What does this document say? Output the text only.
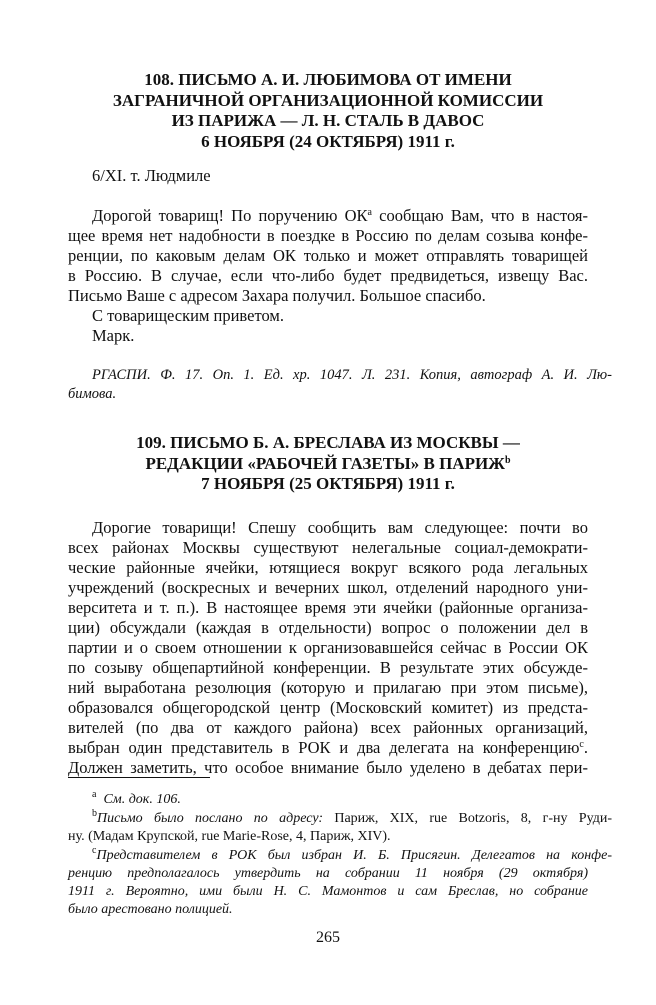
108. ПИСЬМО А. И. ЛЮБИМОВА ОТ ИМЕНИ
ЗАГРАНИЧНОЙ ОРГАНИЗАЦИОННОЙ КОМИССИИ
ИЗ ПАРИЖА — Л. Н. СТАЛЬ В ДАВОС
6 НОЯБРЯ (24 ОКТЯБРЯ) 1911 г.
6/XI. т. Людмиле
Дорогой товарищ! По поручению $ОК^a$ сообщаю Вам, что в настоя-
щее время нет надобности в поездке в Россию по делам созыва конфе-
ренции, по каковым делам ОК только и может отправлять товарищей
в Россию. В случае, если что-либо будет предвидеться, извещу Вас.
Письмо Ваше с адресом Захара получил. Большое спасибо.
С товарищеским приветом.
Марк.
РГАСПИ. Ф. 17. Оп. 1. Ед. хр. 1047. Л. 231. Копия, автограф А. И. Лю-
бимова.
109. ПИСЬМО Б. А. БРЕСЛАВА ИЗ МОСКВЫ —
РЕДАКЦИИ «РАБОЧЕЙ ГАЗЕТЫ» В ПАРИЖ$^b$
7 НОЯБРЯ (25 ОКТЯБРЯ) 1911 г.
Дорогие товарищи! Спешу сообщить вам следующее: почти во
всех районах Москвы существуют нелегальные социал-демократи-
ческие районные ячейки, ютящиеся вокруг всякого рода легальных
учреждений (воскресных и вечерних школ, отделений народного уни-
верситета и т. п.). В настоящее время эти ячейки (районные организа-
ции) обсуждали (каждая в отдельности) вопрос о положении дел в
партии и о своем отношении к организовавшейся сейчас в России ОК
по созыву общепартийной конференции. В результате этих обсужде-
ний выработана резолюция (которую и прилагаю при этом письме),
образовался общегородской центр (Московский комитет) из предста-
вителей (по два от каждого района) всех районных организаций,
выбран один представитель в РОК и два делегата на конференцию$^c$.
Должен заметить, что особое внимание было уделено в дебатах пери-
$^a$ См. док. 106.
$^b$Письмо было послано по адресу: Париж, XIX, rue Botzoris, 8, г-ну Руди-
ну. (Мадам Крупской, rue Marie-Rose, 4, Париж, XIV).
$^c$Представителем в РОК был избран И. Б. Присягин. Делегатов на конфе-
ренцию предполагалось утвердить на собрании 11 ноября (29 октября)
1911 г. Вероятно, ими были Н. С. Мамонтов и сам Бреслав, но собрание
было арестовано полицией.
265
